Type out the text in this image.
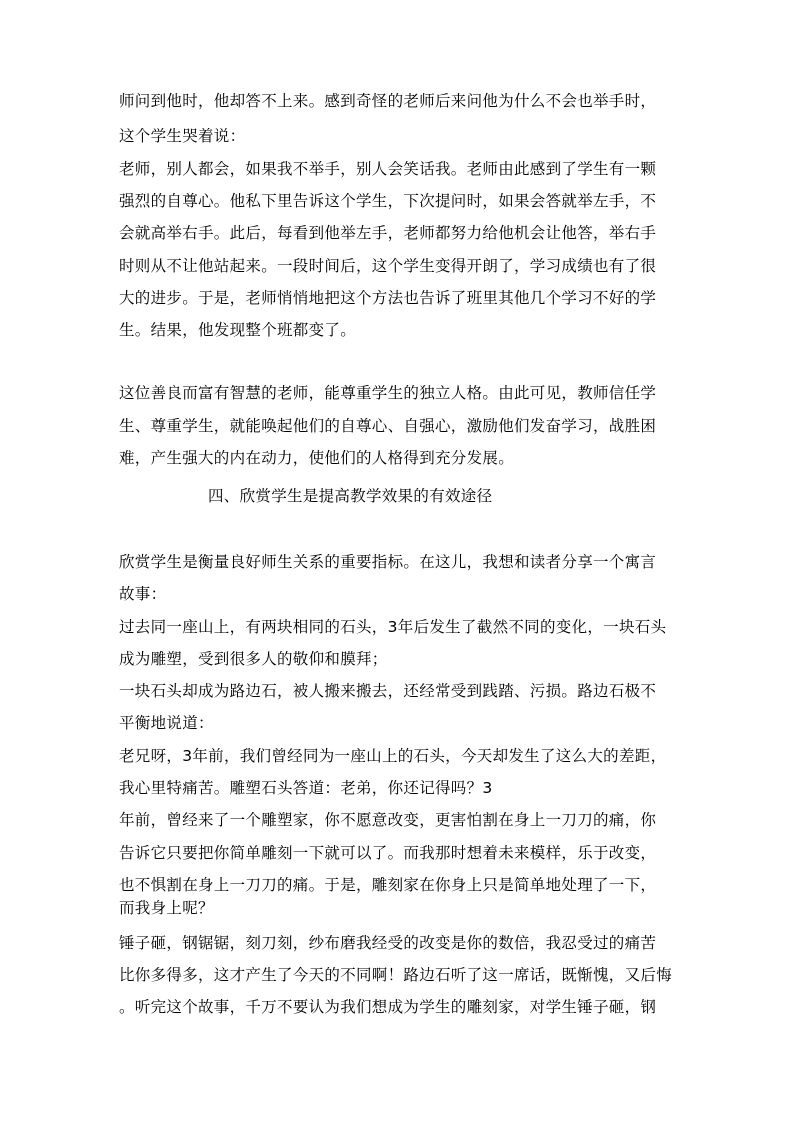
师问到他时，他却答不上来。感到奇怪的老师后来问他为什么不会也举手时，
这个学生哭着说：
老师，别人都会，如果我不举手，别人会笑话我。老师由此感到了学生有一颗
强烈的自尊心。他私下里告诉这个学生，下次提问时，如果会答就举左手，不
会就高举右手。此后，每看到他举左手，老师都努力给他机会让他答，举右手
时则从不让他站起来。一段时间后，这个学生变得开朗了，学习成绩也有了很
大的进步。于是，老师悄悄地把这个方法也告诉了班里其他几个学习不好的学
生。结果，他发现整个班都变了。
这位善良而富有智慧的老师，能尊重学生的独立人格。由此可见，教师信任学
生、尊重学生，就能唤起他们的自尊心、自强心，激励他们发奋学习，战胜困
难，产生强大的内在动力，使他们的人格得到充分发展。
四、欣赏学生是提高教学效果的有效途径
欣赏学生是衡量良好师生关系的重要指标。在这儿，我想和读者分享一个寓言
故事：
过去同一座山上，有两块相同的石头，3年后发生了截然不同的变化，一块石头
成为雕塑，受到很多人的敬仰和膜拜；
一块石头却成为路边石，被人搬来搬去，还经常受到践踏、污损。路边石极不
平衡地说道：
老兄呀，3年前，我们曾经同为一座山上的石头，今天却发生了这么大的差距，
我心里特痛苦。雕塑石头答道：老弟，你还记得吗？3
年前，曾经来了一个雕塑家，你不愿意改变，更害怕割在身上一刀刀的痛，你
告诉它只要把你简单雕刻一下就可以了。而我那时想着未来模样，乐于改变，
也不惧割在身上一刀刀的痛。于是，雕刻家在你身上只是简单地处理了一下，
而我身上呢？
锤子砸，钢锯锯，刻刀刻，纱布磨我经受的改变是你的数倍，我忍受过的痛苦
比你多得多，这才产生了今天的不同啊！路边石听了这一席话，既惭愧，又后悔
。听完这个故事，千万不要认为我们想成为学生的雕刻家，对学生锤子砸，钢
